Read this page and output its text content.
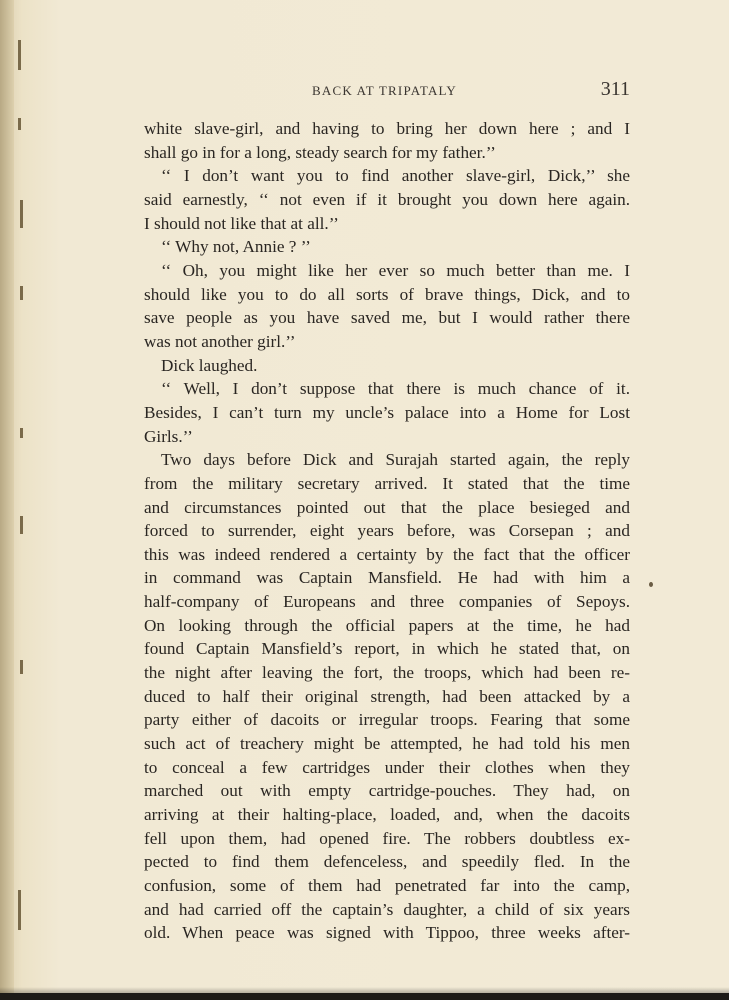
BACK AT TRIPATALY	311
white slave-girl, and having to bring her down here ; and I
shall go in for a long, steady search for my father.’’
‘‘ I don’t want you to find another slave-girl, Dick,’’ she
said earnestly, ‘‘ not even if it brought you down here again.
I should not like that at all.’’
‘‘ Why not, Annie ? ’’
‘‘ Oh, you might like her ever so much better than me. I
should like you to do all sorts of brave things, Dick, and to
save people as you have saved me, but I would rather there
was not another girl.’’
Dick laughed.
‘‘ Well, I don’t suppose that there is much chance of it.
Besides, I can’t turn my uncle’s palace into a Home for Lost
Girls.’’
Two days before Dick and Surajah started again, the reply
from the military secretary arrived. It stated that the time
and circumstances pointed out that the place besieged and
forced to surrender, eight years before, was Corsepan ; and
this was indeed rendered a certainty by the fact that the officer
in command was Captain Mansfield. He had with him a
half-company of Europeans and three companies of Sepoys.
On looking through the official papers at the time, he had
found Captain Mansfield’s report, in which he stated that, on
the night after leaving the fort, the troops, which had been re-
duced to half their original strength, had been attacked by a
party either of dacoits or irregular troops. Fearing that some
such act of treachery might be attempted, he had told his men
to conceal a few cartridges under their clothes when they
marched out with empty cartridge-pouches. They had, on
arriving at their halting-place, loaded, and, when the dacoits
fell upon them, had opened fire. The robbers doubtless ex-
pected to find them defenceless, and speedily fled. In the
confusion, some of them had penetrated far into the camp,
and had carried off the captain’s daughter, a child of six years
old. When peace was signed with Tippoo, three weeks after-
